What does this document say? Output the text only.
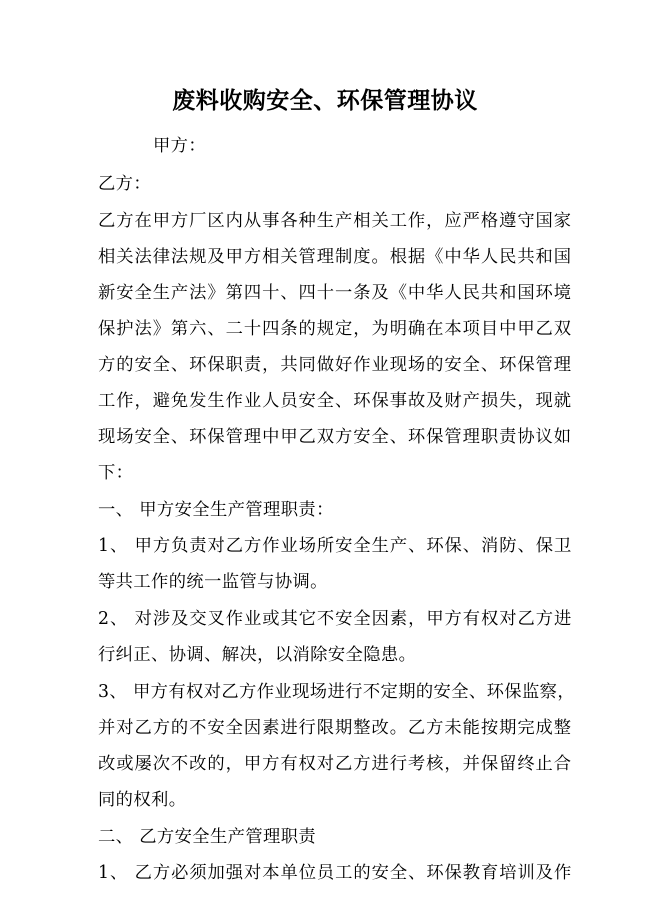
废料收购安全、环保管理协议
甲方：
乙方：
乙方在甲方厂区内从事各种生产相关工作，应严格遵守国家
相关法律法规及甲方相关管理制度。根据《中华人民共和国
新安全生产法》第四十、四十一条及《中华人民共和国环境
保护法》第六、二十四条的规定，为明确在本项目中甲乙双
方的安全、环保职责，共同做好作业现场的安全、环保管理
工作，避免发生作业人员安全、环保事故及财产损失，现就
现场安全、环保管理中甲乙双方安全、环保管理职责协议如
下：
一、 甲方安全生产管理职责：
1、 甲方负责对乙方作业场所安全生产、环保、消防、保卫
等共工作的统一监管与协调。
2、 对涉及交叉作业或其它不安全因素，甲方有权对乙方进
行纠正、协调、解决，以消除安全隐患。
3、 甲方有权对乙方作业现场进行不定期的安全、环保监察，
并对乙方的不安全因素进行限期整改。乙方未能按期完成整
改或屡次不改的，甲方有权对乙方进行考核，并保留终止合
同的权利。
二、 乙方安全生产管理职责
1、 乙方必须加强对本单位员工的安全、环保教育培训及作
